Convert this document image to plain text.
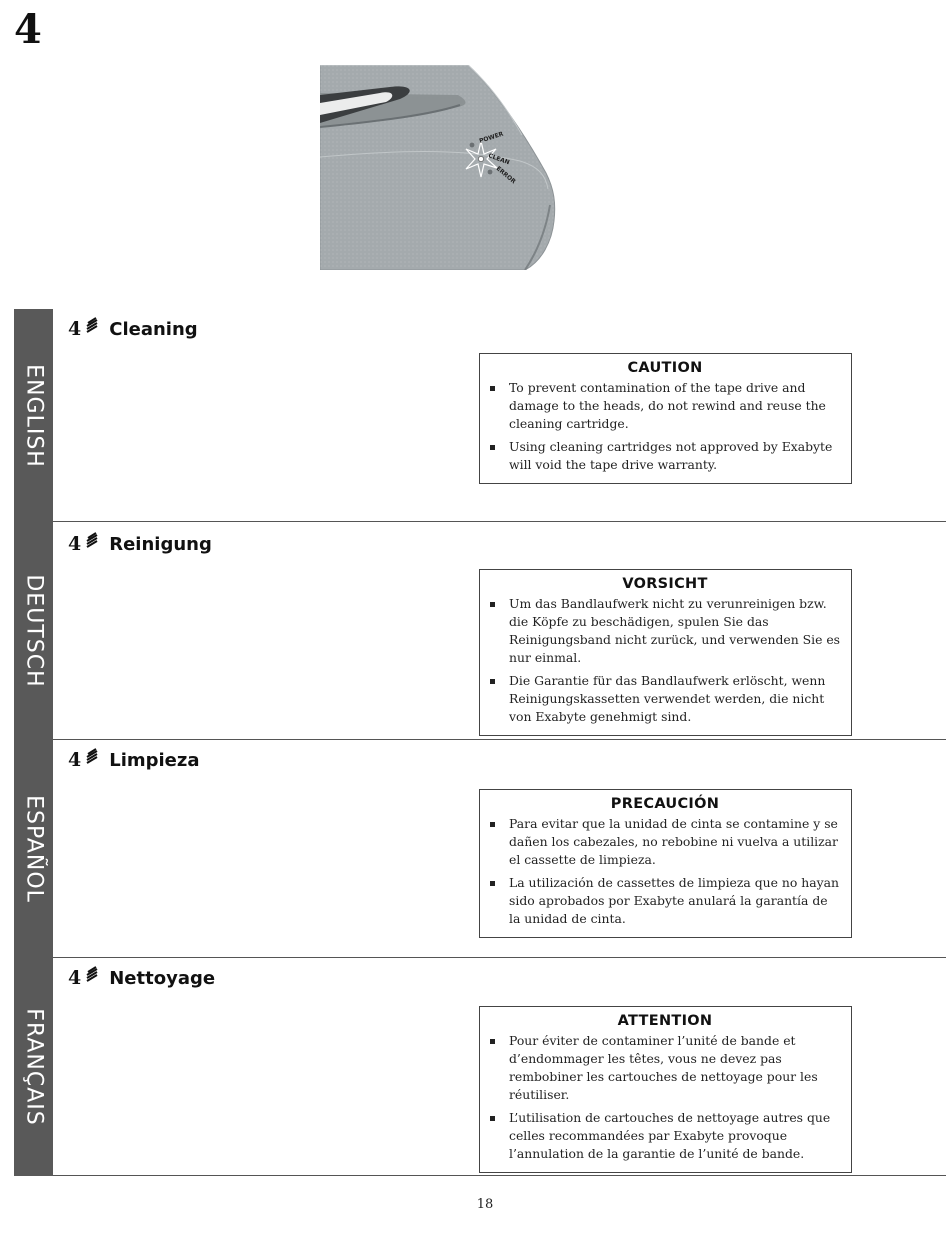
4
POWER
CLEAN
ERROR
ENGLISH
4 Cleaning
CAUTION
To prevent contamination of the tape drive and damage to the heads, do not rewind and reuse the cleaning cartridge.
Using cleaning cartridges not approved by Exabyte will void the tape drive warranty.
DEUTSCH
4 Reinigung
VORSICHT
Um das Bandlaufwerk nicht zu verunreinigen bzw. die Köpfe zu beschädigen, spulen Sie das Reinigungsband nicht zurück, und verwenden Sie es nur einmal.
Die Garantie für das Bandlaufwerk erlöscht, wenn Reinigungskassetten verwendet werden, die nicht von Exabyte genehmigt sind.
ESPAÑOL
4 Limpieza
PRECAUCIÓN
Para evitar que la unidad de cinta se contamine y se dañen los cabezales, no rebobine ni vuelva a utilizar el cassette de limpieza.
La utilización de cassettes de limpieza que no hayan sido aprobados por Exabyte anulará la garantía de la unidad de cinta.
FRANÇAIS
4 Nettoyage
ATTENTION
Pour éviter de contaminer l’unité de bande et d’endommager les têtes, vous ne devez pas rembobiner les cartouches de nettoyage pour les réutiliser.
L’utilisation de cartouches de nettoyage autres que celles recommandées par Exabyte provoque l’annulation de la garantie de l’unité de bande.
18
